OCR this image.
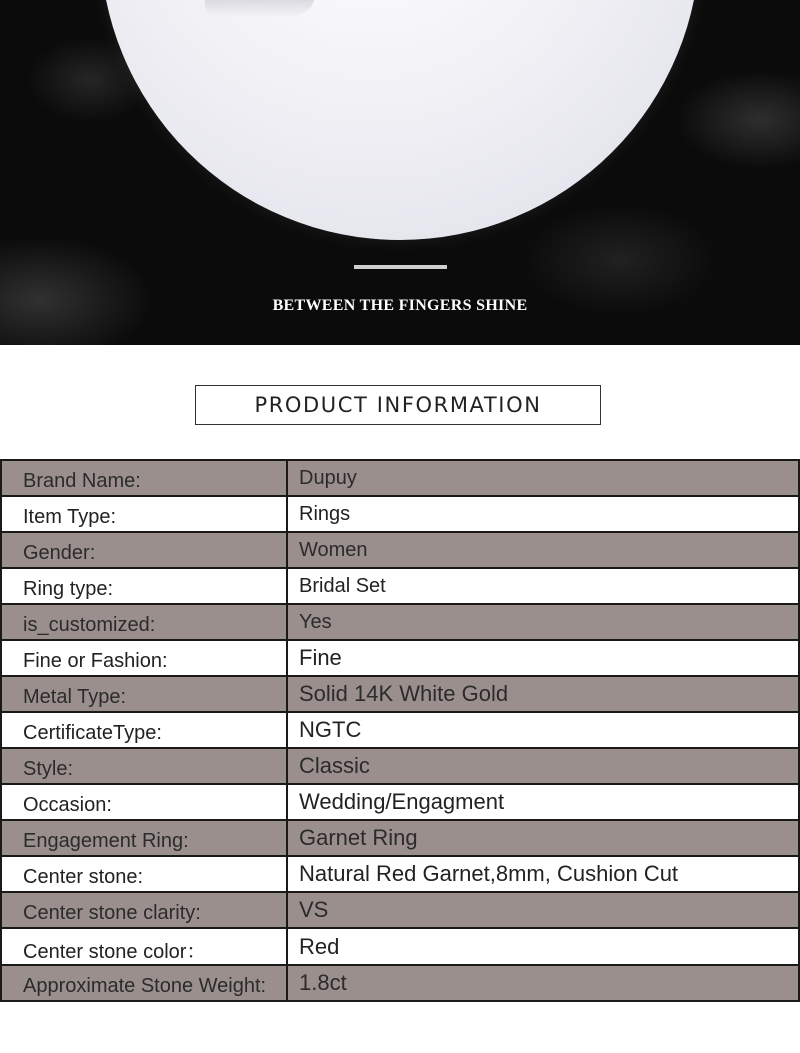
BETWEEN THE FINGERS SHINE
PRODUCT INFORMATION
Brand Name:	Dupuy
Item Type:	Rings
Gender:	Women
Ring type:	Bridal Set
is_customized:	Yes
Fine or Fashion:	Fine
Metal Type:	Solid 14K White Gold
CertificateType:	NGTC
Style:	Classic
Occasion:	Wedding/Engagment
Engagement Ring:	Garnet Ring
Center stone:	Natural Red Garnet,8mm, Cushion Cut
Center stone clarity:	VS
Center stone color：	Red
Approximate Stone Weight:	1.8ct
